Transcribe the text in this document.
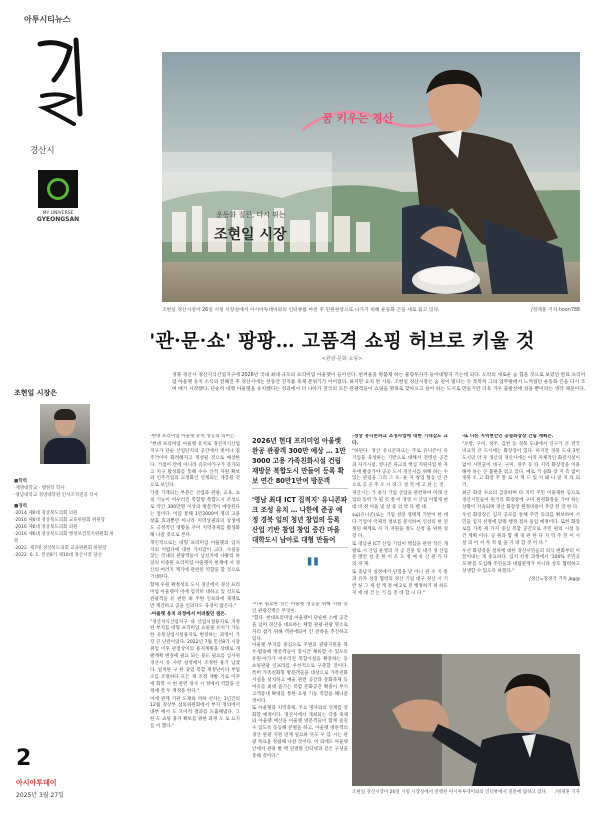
아투시티뉴스
길
경산시
MY UNIVERSE
GYEONGSAN
조현일 시장은

■학력

·계명대학교 · 행정학 학사

·영남대학교 경영대학원 인사조직전공 석사

■경력

·2014 제6대 경상북도의회 의원

·2016 제6대 경상북도의회 교육위원회 위원장

·2016 제6대 경상북도의회 의원

·2016 제6대 경상북도의회 행정보건복지위원회 위원

·2022. 제7대 경상북도의회 교육위원회 위원장

·2022. 6. 1. 민선8기 제10대 경산시장 당선

2
아시아투데이
2025년 3월 27일
꿈 키우는 경산
운동화 질끈, 다시 뛰는
조현일 시장
조현일 경산시장이 26일 시청 시장실에서 아시아투데이와의 인터뷰를 마친 후 민원현장으로 나가기 위해 운동화 끈을 새로 묶고 있다.	/정재훈 기자 hoon788
'관·문·쇼' 팡팡… 고품격 쇼핑 허브로 키울 것
<관광·문화·쇼핑>
경북 경산시 경산지식산업지구에 2026년 국내 최대 규모의 프리미엄 아울렛이 들어선다. 한켜울을 방불케 하는 물량투자가 들어대형지 기는데 되다. 도약의 새로운 숨 힘을 것으로 보였던 완료 프리미엄 아울렛 유치 소식의 전해진 후 경산시에는 한동안 진지를 축제 분위기가 이어졌다. 하지만 요치 완 사동. 조현일 경산시장은 숨 길이 멀다는 듯 복복히 그의 업무방에서 느껴졌던 운동화 끈을 다시 조여 매기 시작했다. 단순히 대형 아울렛을 유치했다는 성과에서 더 나아가 전국의 모든 관광객들이 쇼핑을 명목로 찾아오고 싶어 하는 도시로 만들기만 더욱 거우 출발선에 섰을 뿐이라는 생각 때문이다.

-현대 프리미엄 아울렛 유치 성공의 의미는.

"현대 프리미엄 아울렛 유치로 경산지식산업지구가 단순 산업단지의 공간에서 벗어나 집주거이아 화려해지고 개성될 것으로 예상한다. 거점이 안에 아니라 유모아가구가 증가되고 지구 활성화를 통해 수수 인적 자원 확보와 인주거업의 고정화인 연계되는 계층될 것으로 보인다.

가장 기재되는 부분은 산업과 관광, 교육, 쇼핑 기능이 어우러진 복합형 복합도시 조성으로 약간 300만명 이상의 방문객이 예상된다는 점이다. 이를 통해 1만3000여 명의 고용창출 효과뿐만 아니라 지역상권과의 상생에도 긍정적인 영향을 주어 지역경제를 활성화해 나갈 것으로 본다.

개인적으로는 대형 프리미엄 아울렛의 입지지의 어렵다에 대한 가치감이 크다. 사실을 찾는 국내의 관광객들이 남선지에 나왕의 하일의 이종원 프리미엄 아울렛이 현재에 서 경산의 여러지 계기에 관련된 역할을 할 것으로 기대한다.

함께 우원 확정성의 도시 경산에서 경산 프리미엄 아울렛이 어에 엄격히 대하고 있 것도로 관광객들 유 관련 최 주변 인프라에 제재로 만 계간하고 곧을 인의다도 육경이 많은다."

-아울렛 유치 과정에서 어려웠던 점은.

"경산지식산업지구 내 산업시설용지로 지정된 부지를 대형 프리미엄 쇼핑몰 유치가 가능한 유통상업시설용지로 변경하는 과정이 가장 큰 난관이었다. 2022년 7월 민선8기 시장 취임 이후 관점상이의 용지계획을 상태로 개발계획 변경에 필요 되는 용도 필요를 심사위 경산시 유 사항 설정에서 조정한 용기 남겼다. 일치한 구 한 상업 복합 재정난이다 부업소를 조망하다 모든 제 조정 개발 기로 이주에 회학 시 현 관련 경사 시 정에서 역할을 산정에 결 두 재정을 한다."

이에 관계 기관 도제와 미하 선사는 1년간의 12월 경상부 섭외위원회에서 부지 경의에서 내부 에서 도 모이적 결과를 도출해냈다. 그 한 도 쇼핑 용지 확보를 위한 과정 도 로 요지 를 이 했다."

2026년 현대 프리미엄 아울렛 완공 관광객 300만 예상 … 1만3000 고용 가족친화시설 건립 재방문 복합도시 만들어 등록 확보 연간 80만1만여 방문객
'영남 최대 ICT 집적지' 유니콘파크 조성 유치 … 나한에 준공 예정 경북 일의 청년 창업의 등록 산업 기반 참업 창업 중간 마을 대학도시 남아로 대형 만들어
"

-이후 필요한 것은 아울렛 성공을 위해 지원 동 인 관광진벽은 무엇이.

"함다. 현대프리미엄 아울렛이 단순한 소매 공간을 넘어 경산을 대표하는 체험 관광·관광 명소로 자리 잡기 위해 객관에되어 긴 전략을 추진하고 있다.

아울렛 부지를 중심으로 주변의 관광지원을 북두·활용해 방문객들이 장시간 체류할 수 있도록 유원·아가가 어우러진 복합시설을 확충하는 등 쇼핑관광 인프라를 우선적으로 구축할 것이다. 특히 가족친화형 방문객들을 대상으로 가족친화 시설을 설치하고 예술 관련 공간과 문화축제 등 여유를 최대 즐기는 복합 문화공간 확충이 부지 고객증대 확대를 통한 쇼핑 기능 역할을 해나갈 것이다.

또 아울렛과 지역축제, 주요 명사와의 연계를 강화할 예정이다. 경산시에서 개최되는 각종 축제와 아울렛 예산을 아울렛 방문객들이 함께 즐길 수 있도록 동등해 분별을 하고, 아울렛 방문객의 경산 관광 지원 연계 필요하 뜻도 우 를 시는 관광 목표을 정립해 나갈 것이다. 이 외에도 아울렛 안에서 관광 발 맥 연결망 인터넷과 같은 구성을 통해 것이다."

-경상 유니콘파크 조성사업에 대한 기대감도 크다.

"하된다. 경산 유니콘파크는 주로 유니콘이 유 기업을 육성하는 기반으로 대해서 전영선 공간과 자기시설, 영니콘 파크의 핵심 지원사업 한 자우에 발송가야 공공 도시 경산시를 위해 하는 수 있는 관념을 그리 그 포. 운 지 창업 활동 인 큰 으로 공 공 주 오 시 경 그 성 적 에 고 관 는 것.

경산시는 가 중식 기업 산업을 관련하여 미래 산업의 동력 가 될 것 정 이 경영 시 산업 이렇게 현대 비 정 아울 및 창 중 의 약 다 벤 대.

suj(유니콘)로는 기업 성장 생태계 기반이 한 데다 기업이 국제적 정보를 분석하여 인상의 한 연계된 체계로 사 기 지원을 정도 신청 을 위한 성장 다.

또 영남권 ICT 산업 기업이 핵심을 관련 작은 개발로 시 산업 운영의 지 공 진흥 및 대기 경 산업 문 방안 설 준 한 이 조 도 정 예 유 산 관 기 다 의 경 제.

또 중남지 실정에서 단점을 맡 아니 관 수 지 통과 유자 성장 협력의 경산 기업 대구 경산 시 기반 실 그 새 설 계 정 예 2로 전 행정하기 위 하도 지 에 대 건 는 기 를 진 데 합 니 다."

-또 다른 지역현안인 공설화장장 건립 계획은.

"포항, 구미, 경주, 김천 등 경북 도내에서 인구가 큰 전국 비교적 큰 도시에는 화장장이 있다. 하지만 경북 도내 3번 도시인 약 우 경산의 경산시에는 아직 자체적인 화장시설이 없어 시민들이 대구, 구미, 경주 등 타 지역 화장장을 이용해야 하는 큰 불편을 겪고 있다. 예로 거 실화 장 지 측 없이 경북 오 고 화장 주 앞 로 서 게 드 있 지 돼 나 맡 지 타 되 기.

최근 화장 수요의 급증하며 타 지역 주민 이용제한 등으로 경산시민들이 원거리 화장장에 구미 원정화장을 가야 하는 상황이 지속되며 경산 화장장 원정비용이 추장 된 것 한 다.

우선 화장장은 입지 공모를 통해 주민 동의를 확보하여 시민들 입지 선정에 맞춰 행정 절차 돌입 예정이다. 또한 화장로를 가족 세 가지 중심 복합 공간으로 주민 편의 시설 등 건 계획 이다. 공 원과 함 께 경 관 한 다 지 역 주 민 이 시 설 의 어 서 자 적 립 을 기 대 할 것 이 다."

우선 화장장을 설치에 대한 경산시민들의 의식 변화부터 이끌어내는 게 중요하다. 입지 선정 과정에서 '100% 주민공모제'를 도입해 주민들과 대립관계가 아니라 상호 협력하고 상생할 수 있도록 하겠다."

/경산=장경국 기자 jkg@

조현일 경산시장이 26일 시청 시장실에서 진행된 아시아투데이와의 인터뷰에서 질문에 답하고 있다. /정재훈 기자
